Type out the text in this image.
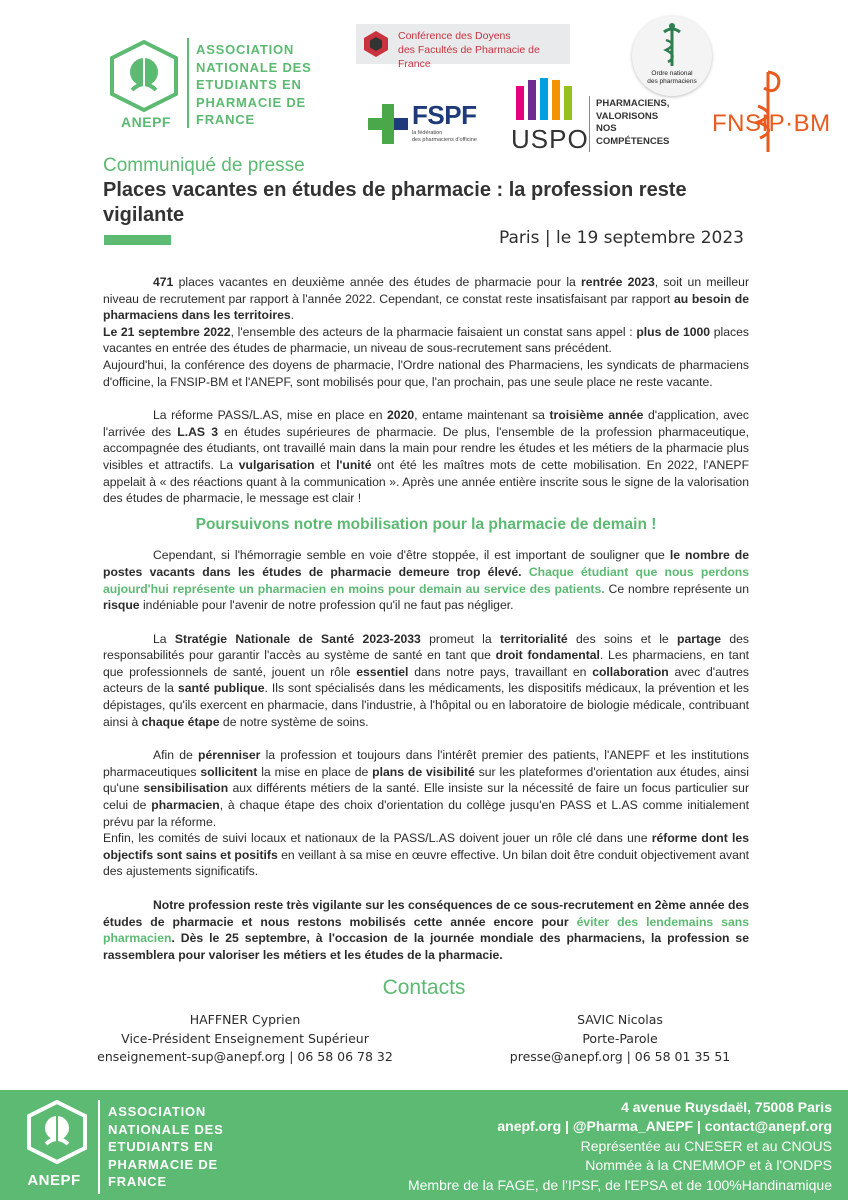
ANEPF
ASSOCIATION
NATIONALE DES
ETUDIANTS EN
PHARMACIE DE
FRANCE
Conférence des Doyens
des Facultés de Pharmacie de France
Ordre national
des pharmaciens
FSPF
la fédération
des pharmaciens d'officine USPO
PHARMACIENS,
VALORISONS
NOS COMPÉTENCES
FNSIP·BM
Communiqué de presse
Places vacantes en études de pharmacie : la profession reste vigilante
Paris | le 19 septembre 2023

471 places vacantes en deuxième année des études de pharmacie pour la rentrée 2023, soit un meilleur niveau de recrutement par rapport à l'année 2022. Cependant, ce constat reste insatisfaisant par rapport au besoin de pharmaciens dans les territoires.

Le 21 septembre 2022, l'ensemble des acteurs de la pharmacie faisaient un constat sans appel : plus de 1000 places vacantes en entrée des études de pharmacie, un niveau de sous-recrutement sans précédent.

Aujourd'hui, la conférence des doyens de pharmacie, l'Ordre national des Pharmaciens, les syndicats de pharmaciens d'officine, la FNSIP-BM et l'ANEPF, sont mobilisés pour que, l'an prochain, pas une seule place ne reste vacante.

La réforme PASS/L.AS, mise en place en 2020, entame maintenant sa troisième année d'application, avec l'arrivée des L.AS 3 en études supérieures de pharmacie. De plus, l'ensemble de la profession pharmaceutique, accompagnée des étudiants, ont travaillé main dans la main pour rendre les études et les métiers de la pharmacie plus visibles et attractifs. La vulgarisation et l'unité ont été les maîtres mots de cette mobilisation. En 2022, l'ANEPF appelait à « des réactions quant à la communication ». Après une année entière inscrite sous le signe de la valorisation des études de pharmacie, le message est clair !

Poursuivons notre mobilisation pour la pharmacie de demain !

Cependant, si l'hémorragie semble en voie d'être stoppée, il est important de souligner que le nombre de postes vacants dans les études de pharmacie demeure trop élevé. Chaque étudiant que nous perdons aujourd'hui représente un pharmacien en moins pour demain au service des patients. Ce nombre représente un risque indéniable pour l'avenir de notre profession qu'il ne faut pas négliger.

La Stratégie Nationale de Santé 2023-2033 promeut la territorialité des soins et le partage des responsabilités pour garantir l'accès au système de santé en tant que droit fondamental. Les pharmaciens, en tant que professionnels de santé, jouent un rôle essentiel dans notre pays, travaillant en collaboration avec d'autres acteurs de la santé publique. Ils sont spécialisés dans les médicaments, les dispositifs médicaux, la prévention et les dépistages, qu'ils exercent en pharmacie, dans l'industrie, à l'hôpital ou en laboratoire de biologie médicale, contribuant ainsi à chaque étape de notre système de soins.

Afin de pérenniser la profession et toujours dans l'intérêt premier des patients, l'ANEPF et les institutions pharmaceutiques sollicitent la mise en place de plans de visibilité sur les plateformes d'orientation aux études, ainsi qu'une sensibilisation aux différents métiers de la santé. Elle insiste sur la nécessité de faire un focus particulier sur celui de pharmacien, à chaque étape des choix d'orientation du collège jusqu'en PASS et L.AS comme initialement prévu par la réforme.

Enfin, les comités de suivi locaux et nationaux de la PASS/L.AS doivent jouer un rôle clé dans une réforme dont les objectifs sont sains et positifs en veillant à sa mise en œuvre effective. Un bilan doit être conduit objectivement avant des ajustements significatifs.

Notre profession reste très vigilante sur les conséquences de ce sous-recrutement en 2ème année des études de pharmacie et nous restons mobilisés cette année encore pour éviter des lendemains sans pharmacien. Dès le 25 septembre, à l'occasion de la journée mondiale des pharmaciens, la profession se rassemblera pour valoriser les métiers et les études de la pharmacie.

Contacts
HAFFNER Cyprien
Vice-Président Enseignement Supérieur
enseignement-sup@anepf.org | 06 58 06 78 32
SAVIC Nicolas
Porte-Parole
presse@anepf.org | 06 58 01 35 51
ANEPF
ASSOCIATION
NATIONALE DES
ETUDIANTS EN
PHARMACIE DE
FRANCE
4 avenue Ruysdaël, 75008 Paris
anepf.org | @Pharma_ANEPF | contact@anepf.org
Représentée au CNESER et au CNOUS
Nommée à la CNEMMOP et à l'ONDPS
Membre de la FAGE, de l'IPSF, de l'EPSA et de 100%Handinamique
